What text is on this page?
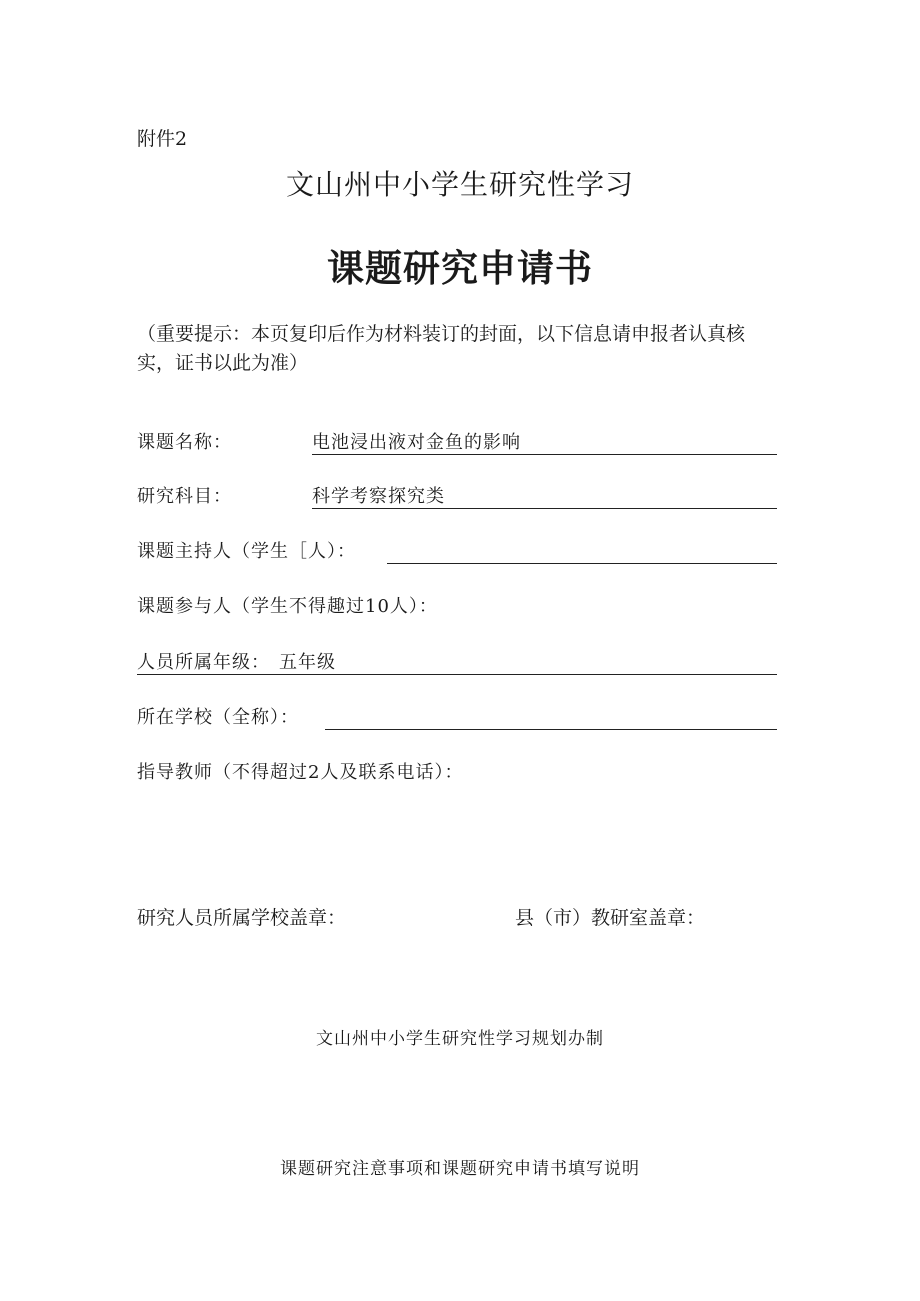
附件2
文山州中小学生研究性学习
课题研究申请书
（重要提示：本页复印后作为材料装订的封面，以下信息请申报者认真核实，证书以此为准）
课题名称：	电池浸出液对金鱼的影响
研究科目：	科学考察探究类
课题主持人（学生［人）：
课题参与人（学生不得趣过10人）：
人员所属年级： 五年级
所在学校（全称）：
指导教师（不得超过2人及联系电话）：
研究人员所属学校盖章：	县（市）教研室盖章：
文山州中小学生研究性学习规划办制
课题研究注意事项和课题研究申请书填写说明
